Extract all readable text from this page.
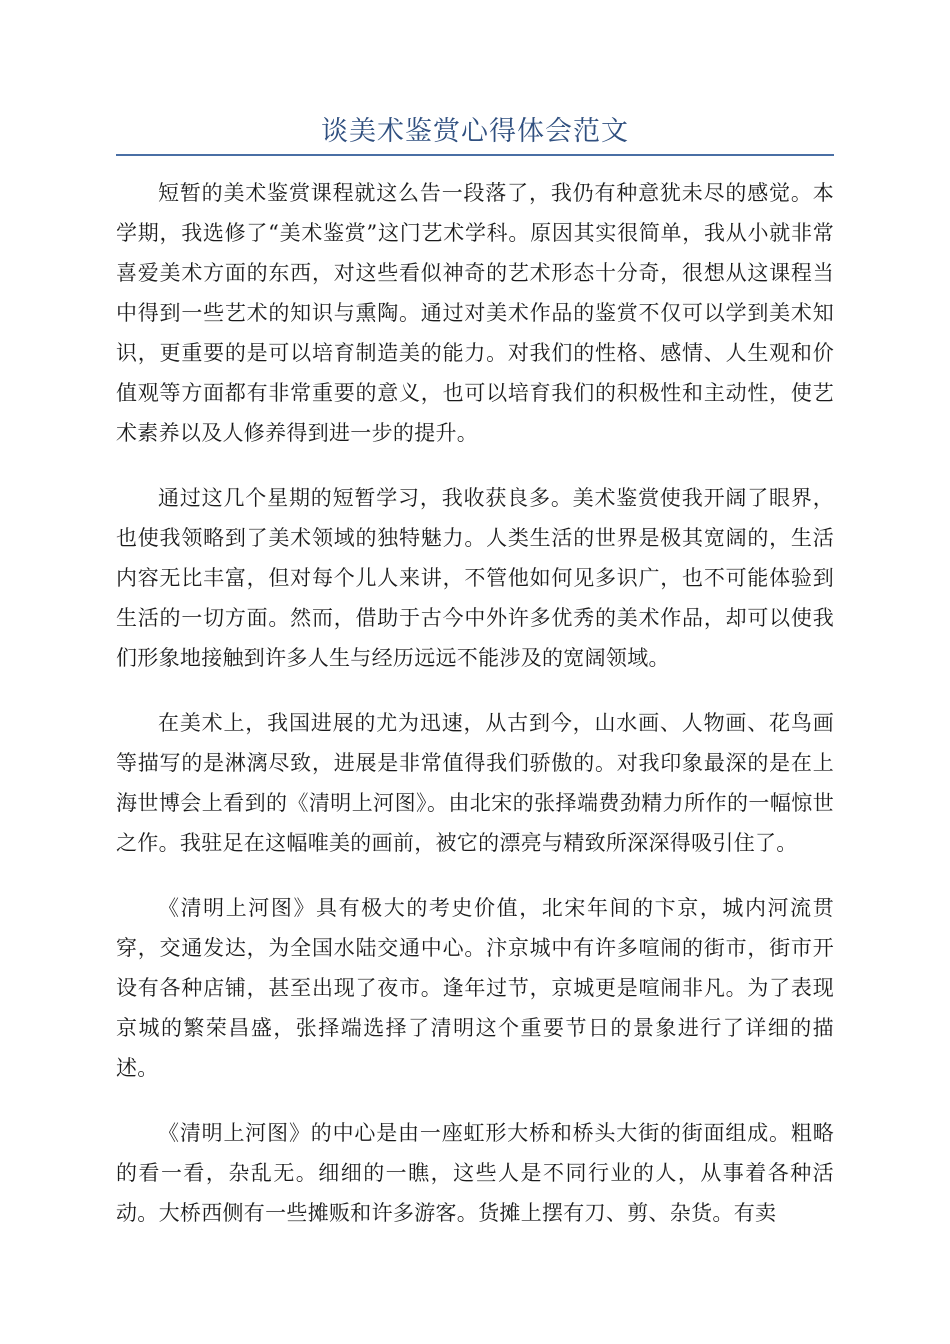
谈美术鉴赏心得体会范文

短暂的美术鉴赏课程就这么告一段落了，我仍有种意犹未尽的感觉。本学期，我选修了“美术鉴赏”这门艺术学科。原因其实很简单，我从小就非常喜爱美术方面的东西，对这些看似神奇的艺术形态十分奇，很想从这课程当中得到一些艺术的知识与熏陶。通过对美术作品的鉴赏不仅可以学到美术知识，更重要的是可以培育制造美的能力。对我们的性格、感情、人生观和价值观等方面都有非常重要的意义，也可以培育我们的积极性和主动性，使艺术素养以及人修养得到进一步的提升。

通过这几个星期的短暂学习，我收获良多。美术鉴赏使我开阔了眼界，也使我领略到了美术领域的独特魅力。人类生活的世界是极其宽阔的，生活内容无比丰富，但对每个儿人来讲，不管他如何见多识广，也不可能体验到生活的一切方面。然而，借助于古今中外许多优秀的美术作品，却可以使我们形象地接触到许多人生与经历远远不能涉及的宽阔领域。

在美术上，我国进展的尤为迅速，从古到今，山水画、人物画、花鸟画等描写的是淋漓尽致，进展是非常值得我们骄傲的。对我印象最深的是在上海世博会上看到的《清明上河图》。由北宋的张择端费劲精力所作的一幅惊世之作。我驻足在这幅唯美的画前，被它的漂亮与精致所深深得吸引住了。

《清明上河图》具有极大的考史价值，北宋年间的卞京，城内河流贯穿，交通发达，为全国水陆交通中心。汴京城中有许多喧闹的街市，街市开设有各种店铺，甚至出现了夜市。逢年过节，京城更是喧闹非凡。为了表现京城的繁荣昌盛，张择端选择了清明这个重要节日的景象进行了详细的描述。

《清明上河图》的中心是由一座虹形大桥和桥头大街的街面组成。粗略的看一看，杂乱无。细细的一瞧，这些人是不同行业的人，从事着各种活动。大桥西侧有一些摊贩和许多游客。货摊上摆有刀、剪、杂货。有卖
